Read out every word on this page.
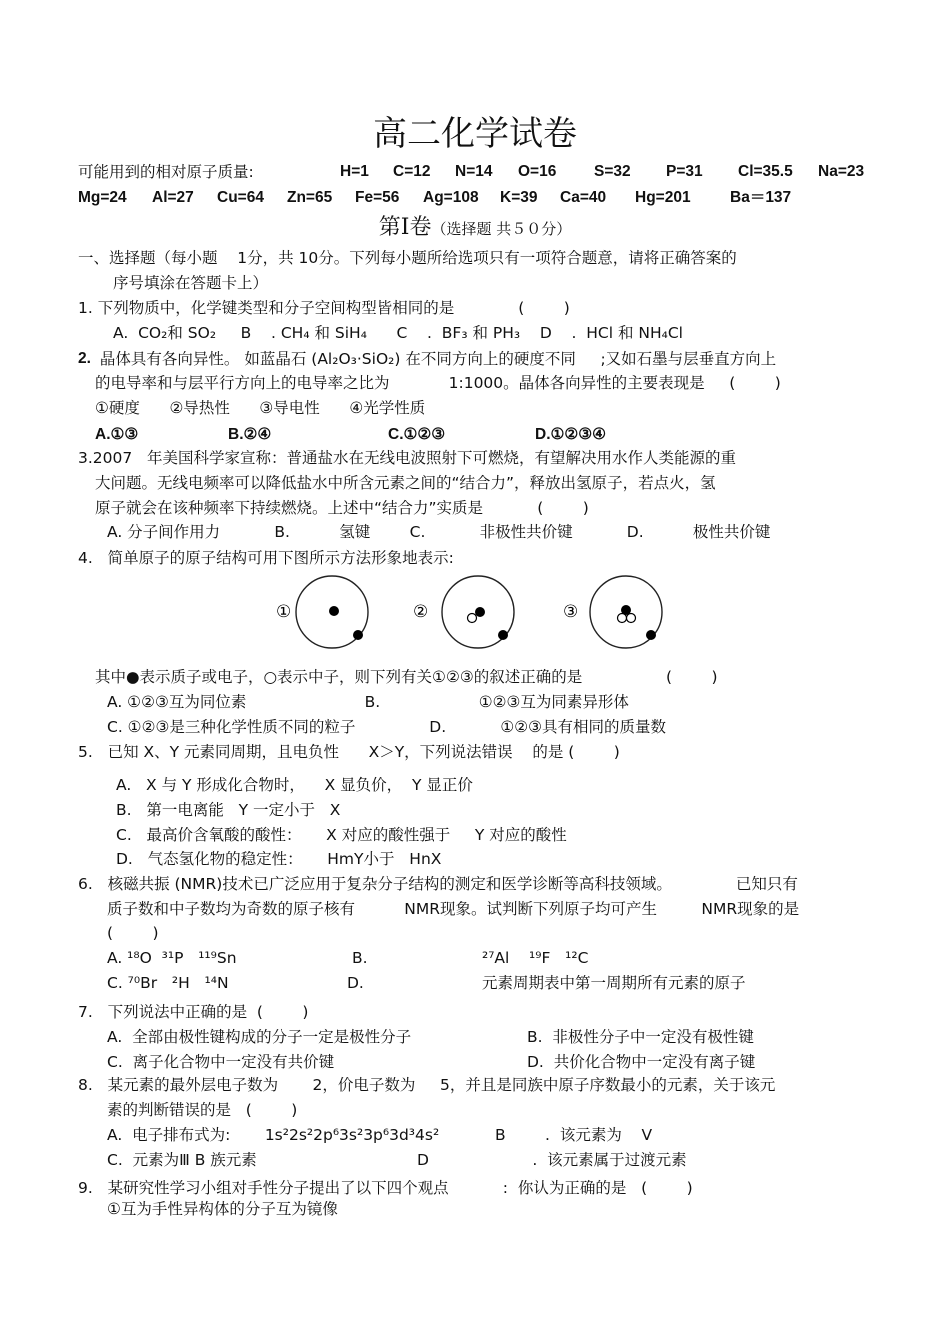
高二化学试卷
可能用到的相对原子质量:	H=1 C=12 N=14 O=16 S=32 P=31 Cl=35.5 Na=23
Mg=24 Al=27 Cu=64 Zn=65 Fe=56 Ag=108 K=39 Ca=40 Hg=201	Ba＝137
第Ⅰ卷（选择题 共５０分）
一、选择题（每小题    1分，共 10分。下列每小题所给选项只有一项符合题意，请将正确答案的
序号填涂在答题卡上）
1. 下列物质中，化学键类型和分子空间构型皆相同的是             (        )
A.  CO₂和 SO₂     B    . CH₄ 和 SiH₄      C    .  BF₃ 和 PH₃    D    .  HCl 和 NH₄Cl
2. 晶体具有各向异性。 如蓝晶石 (Al₂O₃·SiO₂) 在不同方向上的硬度不同     ;又如石墨与层垂直方向上
的电导率和与层平行方向上的电导率之比为            1:1000。晶体各向异性的主要表现是     (        )
①硬度      ②导热性      ③导电性      ④光学性质
A.①③	B.②④	C.①②③	D.①②③④
3.2007   年美国科学家宣称：普通盐水在无线电波照射下可燃烧，有望解决用水作人类能源的重
大问题。无线电频率可以降低盐水中所含元素之间的“结合力”，释放出氢原子，若点火，氢
原子就会在该种频率下持续燃烧。上述中“结合力”实质是           (        )
A. 分子间作用力           B.          氢键        C.           非极性共价键           D.          极性共价键
4.   简单原子的原子结构可用下图所示方法形象地表示:
①	②	③
其中●表示质子或电子，○表示中子，则下列有关①②③的叙述正确的是                 (        )
A. ①②③互为同位素                        B.                    ①②③互为同素异形体
C. ①②③是三种化学性质不同的粒子               D.           ①②③具有相同的质量数
5.   已知 X、Y 元素同周期，且电负性      X＞Y，下列说法错误    的是 (        )
A.   X 与 Y 形成化合物时，    X 显负价，  Y 显正价
B.   第一电离能   Y 一定小于   X
C.   最高价含氧酸的酸性：     X 对应的酸性强于     Y 对应的酸性
D.   气态氢化物的稳定性：     HmY小于   HnX
6.   核磁共振 (NMR)技术已广泛应用于复杂分子结构的测定和医学诊断等高科技领域。             已知只有
质子数和中子数均为奇数的原子核有          NMR现象。试判断下列原子均可产生         NMR现象的是
(        )
A. ¹⁸O  ³¹P   ¹¹⁹Sn	B.	²⁷Al    ¹⁹F   ¹²C
C. ⁷⁰Br   ²H   ¹⁴N	D.	元素周期表中第一周期所有元素的原子
7.   下列说法中正确的是  (        )
A.  全部由极性键构成的分子一定是极性分子	B.  非极性分子中一定没有极性键
C.  离子化合物中一定没有共价键	D.  共价化合物中一定没有离子键
8.   某元素的最外层电子数为       2，价电子数为     5，并且是同族中原子序数最小的元素，关于该元
素的判断错误的是   (        )
A.  电子排布式为:       1s²2s²2p⁶3s²3p⁶3d³4s²	B        .  该元素为    V
C.  元素为Ⅲ B 族元素	D                     .  该元素属于过渡元素
9.   某研究性学习小组对手性分子提出了以下四个观点           :  你认为正确的是   (        )
①互为手性异构体的分子互为镜像
